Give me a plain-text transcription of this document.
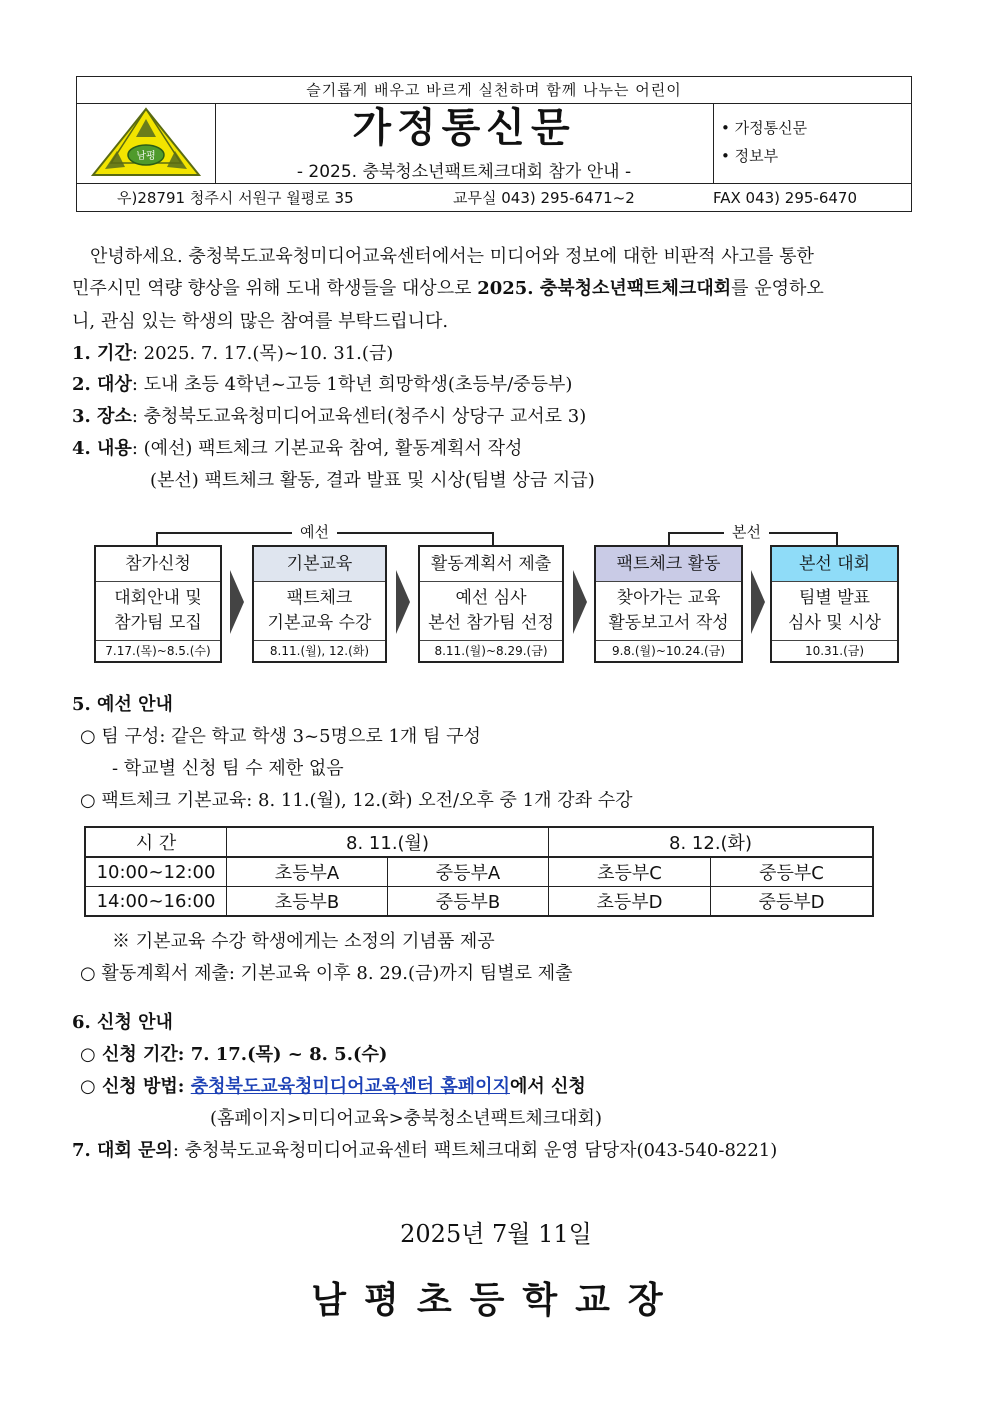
슬기롭게 배우고 바르게 실천하며 함께 나누는 어린이
남평
가정통신문
- 2025. 충북청소년팩트체크대회 참가 안내 -
• 가정통신문
• 정보부
우)28791 청주시 서원구 월평로 35	교무실 043) 295-6471~2	FAX 043) 295-6470
안녕하세요. 충청북도교육청미디어교육센터에서는 미디어와 정보에 대한 비판적 사고를 통한
민주시민 역량 향상을 위해 도내 학생들을 대상으로 2025. 충북청소년팩트체크대회를 운영하오
니, 관심 있는 학생의 많은 참여를 부탁드립니다.
1. 기간: 2025. 7. 17.(목)~10. 31.(금)
2. 대상: 도내 초등 4학년~고등 1학년 희망학생(초등부/중등부)
3. 장소: 충청북도교육청미디어교육센터(청주시 상당구 교서로 3)
4. 내용: (예선) 팩트체크 기본교육 참여, 활동계획서 작성
(본선) 팩트체크 활동, 결과 발표 및 시상(팀별 상금 지급)
예선	본선
참가신청
대회안내 및
참가팀 모집
7.17.(목)~8.5.(수)
기본교육
팩트체크
기본교육 수강
8.11.(월), 12.(화)
활동계획서 제출
예선 심사
본선 참가팀 선정
8.11.(월)~8.29.(금)
팩트체크 활동
찾아가는 교육
활동보고서 작성
9.8.(월)~10.24.(금)
본선 대회
팀별 발표
심사 및 시상
10.31.(금)
5. 예선 안내
○ 팀 구성: 같은 학교 학생 3~5명으로 1개 팀 구성
- 학교별 신청 팀 수 제한 없음
○ 팩트체크 기본교육: 8. 11.(월), 12.(화) 오전/오후 중 1개 강좌 수강
시 간	8. 11.(월)		8. 12.(화)	
10:00~12:00	초등부A	중등부A	초등부C	중등부C
14:00~16:00	초등부B	중등부B	초등부D	중등부D
※ 기본교육 수강 학생에게는 소정의 기념품 제공
○ 활동계획서 제출: 기본교육 이후 8. 29.(금)까지 팀별로 제출
6. 신청 안내
○ 신청 기간: 7. 17.(목) ~ 8. 5.(수)
○ 신청 방법: 충청북도교육청미디어교육센터 홈페이지에서 신청
(홈페이지>미디어교육>충북청소년팩트체크대회)
7. 대회 문의: 충청북도교육청미디어교육센터 팩트체크대회 운영 담당자(043-540-8221)
2025년 7월 11일
남평초등학교장
